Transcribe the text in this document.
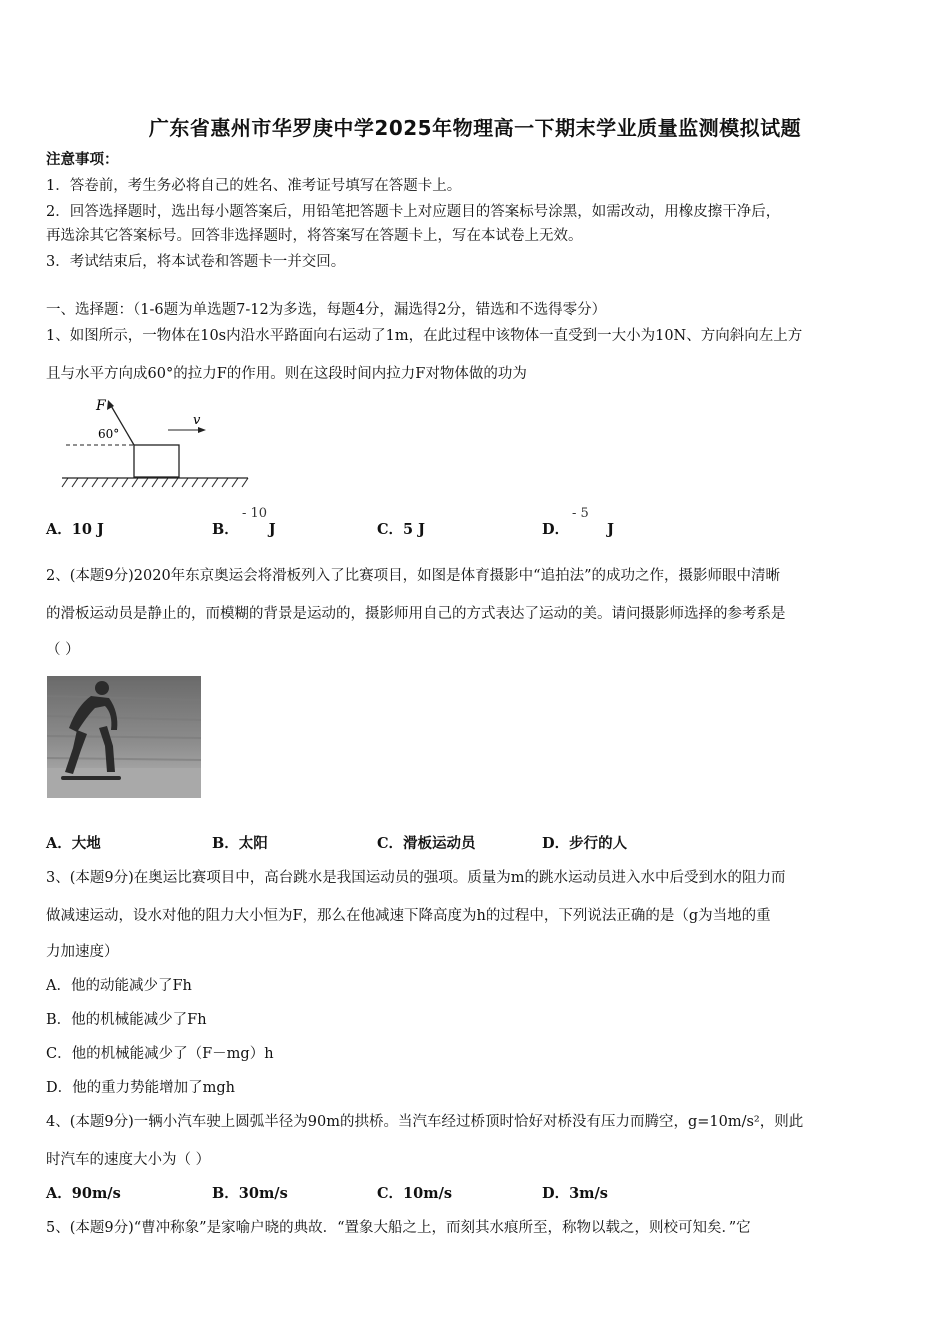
广东省惠州市华罗庚中学2025年物理高一下期末学业质量监测模拟试题
注意事项：
1．答卷前，考生务必将自己的姓名、准考证号填写在答题卡上。
2．回答选择题时，选出每小题答案后，用铅笔把答题卡上对应题目的答案标号涂黑，如需改动，用橡皮擦干净后，
再选涂其它答案标号。回答非选择题时，将答案写在答题卡上，写在本试卷上无效。
3．考试结束后，将本试卷和答题卡一并交回。
一、选择题：（1-6题为单选题7-12为多选，每题4分，漏选得2分，错选和不选得零分）
1、如图所示，一物体在10s内沿水平路面向右运动了1m，在此过程中该物体一直受到一大小为10N、方向斜向左上方
且与水平方向成60°的拉力F的作用。则在这段时间内拉力F对物体做的功为
F
60°
v
A．10 J	B． J
- 10
C．5 J	D．	J
- 5
2、(本题9分)2020年东京奥运会将滑板列入了比赛项目，如图是体育摄影中“追拍法”的成功之作，摄影师眼中清晰
的滑板运动员是静止的，而模糊的背景是运动的，摄影师用自己的方式表达了运动的美。请问摄影师选择的参考系是
（ ）
A．大地	B．太阳	C．滑板运动员	D．步行的人
3、(本题9分)在奥运比赛项目中，高台跳水是我国运动员的强项。质量为m的跳水运动员进入水中后受到水的阻力而
做减速运动，设水对他的阻力大小恒为F，那么在他减速下降高度为h的过程中，下列说法正确的是（g为当地的重
力加速度）
A．他的动能减少了Fh
B．他的机械能减少了Fh
C．他的机械能减少了（F－mg）h
D．他的重力势能增加了mgh
4、(本题9分)一辆小汽车驶上圆弧半径为90m的拱桥。当汽车经过桥顶时恰好对桥没有压力而腾空，g=10m/s²，则此
时汽车的速度大小为（ ）
A．90m/s	B．30m/s	C．10m/s	D．3m/s
5、(本题9分)“曹冲称象”是家喻户晓的典故．“置象大船之上，而刻其水痕所至，称物以载之，则校可知矣．”它
